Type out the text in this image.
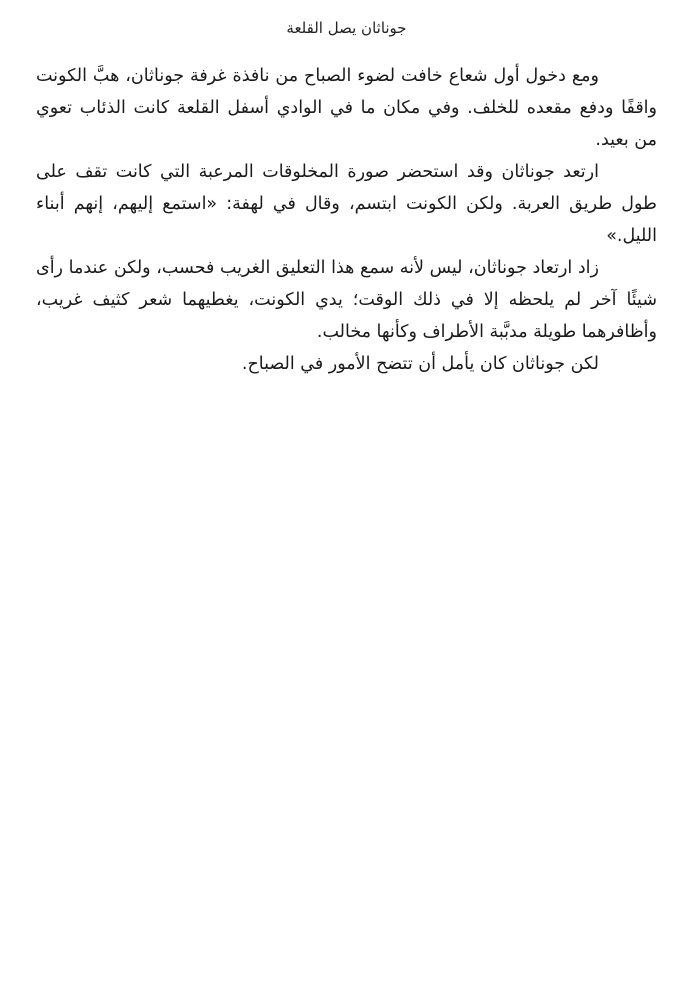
جوناثان يصل القلعة

ومع دخول أول شعاع خافت لضوء الصباح من نافذة غرفة جوناثان، هبَّ الكونت واقفًا ودفع مقعده للخلف. وفي مكان ما في الوادي أسفل القلعة كانت الذئاب تعوي من بعيد.

ارتعد جوناثان وقد استحضر صورة المخلوقات المرعبة التي كانت تقف على طول طريق العربة. ولكن الكونت ابتسم، وقال في لهفة: «استمع إليهم، إنهم أبناء الليل.»

زاد ارتعاد جوناثان، ليس لأنه سمع هذا التعليق الغريب فحسب، ولكن عندما رأى شيئًا آخر لم يلحظه إلا في ذلك الوقت؛ يدي الكونت، يغطيهما شعر كثيف غريب، وأظافرهما طويلة مدبَّبة الأطراف وكأنها مخالب.

لكن جوناثان كان يأمل أن تتضح الأمور في الصباح.
